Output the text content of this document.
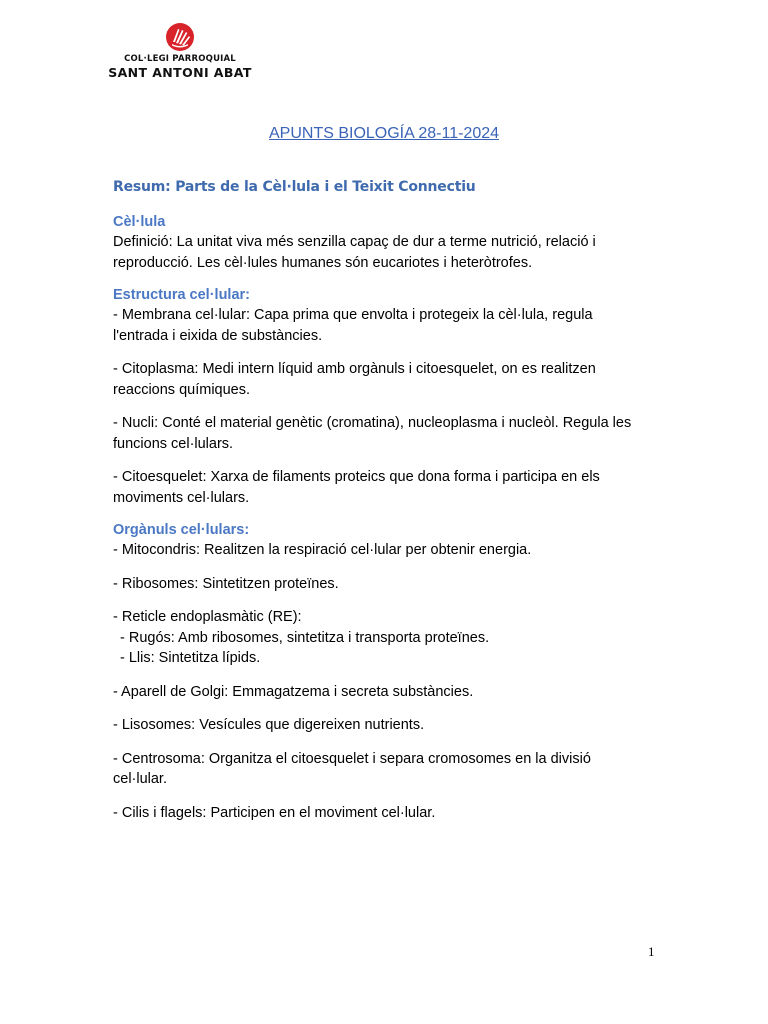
COL·LEGI PARROQUIAL
SANT ANTONI ABAT
APUNTS BIOLOGÍA 28-11-2024
Resum: Parts de la Cèl·lula i el Teixit Connectiu
Cèl·lula
Definició: La unitat viva més senzilla capaç de dur a terme nutrició, relació i
reproducció. Les cèl·lules humanes són eucariotes i heteròtrofes.
Estructura cel·lular:
- Membrana cel·lular: Capa prima que envolta i protegeix la cèl·lula, regula
l'entrada i eixida de substàncies.
- Citoplasma: Medi intern líquid amb orgànuls i citoesquelet, on es realitzen
reaccions químiques.
- Nucli: Conté el material genètic (cromatina), nucleoplasma i nucleòl. Regula les
funcions cel·lulars.
- Citoesquelet: Xarxa de filaments proteics que dona forma i participa en els
moviments cel·lulars.
Orgànuls cel·lulars:
- Mitocondris: Realitzen la respiració cel·lular per obtenir energia.
- Ribosomes: Sintetitzen proteïnes.
- Reticle endoplasmàtic (RE):
- Rugós: Amb ribosomes, sintetitza i transporta proteïnes.
- Llis: Sintetitza lípids.
- Aparell de Golgi: Emmagatzema i secreta substàncies.
- Lisosomes: Vesícules que digereixen nutrients.
- Centrosoma: Organitza el citoesquelet i separa cromosomes en la divisió
cel·lular.
- Cilis i flagels: Participen en el moviment cel·lular.
1
